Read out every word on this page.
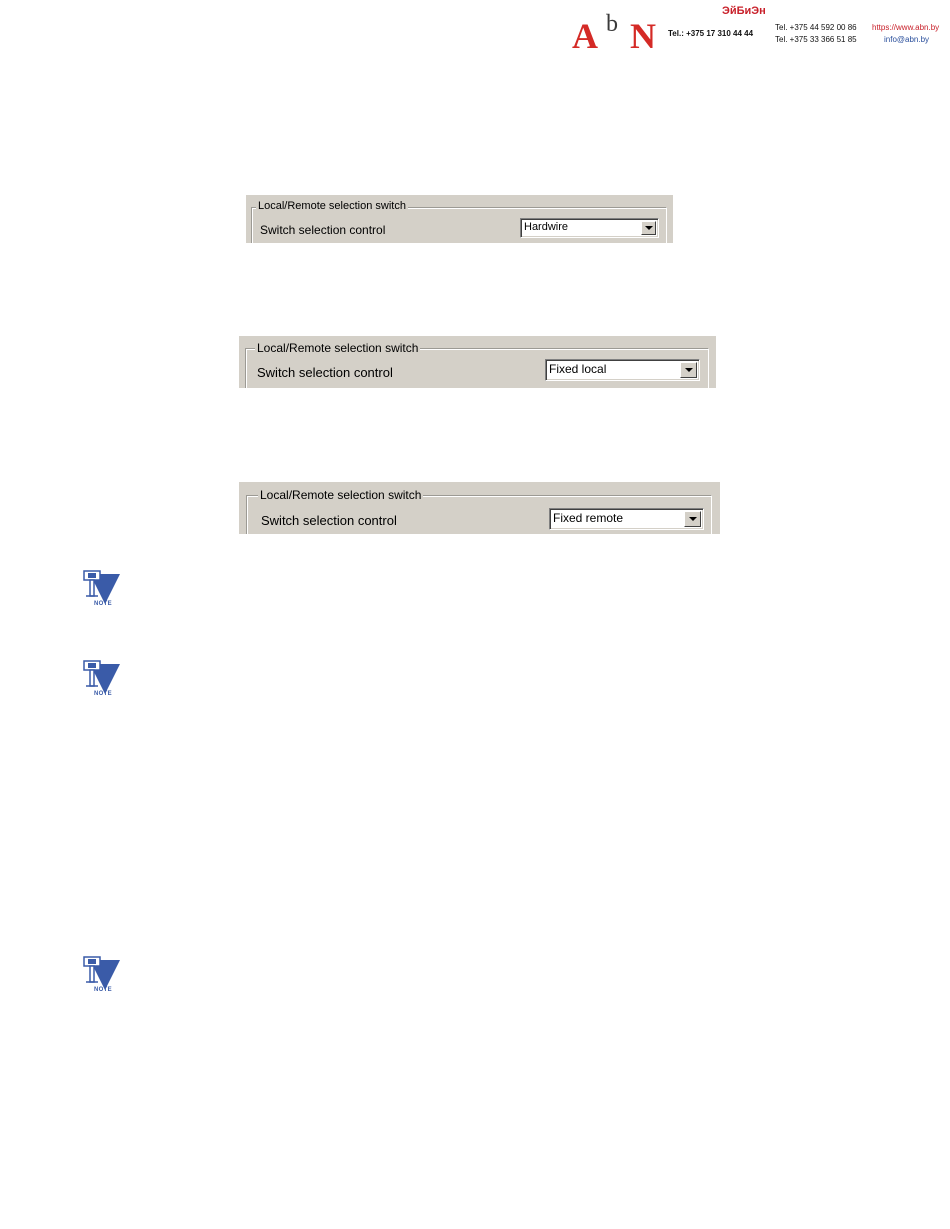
A b N
ЭйБиЭн
Tel.: +375 17 310 44 44
Tel. +375 44 592 00 86
Tel. +375 33 366 51 85
https://www.abn.by
info@abn.by
Local/Remote selection switch
Switch selection control	Hardwire
Local/Remote selection switch
Switch selection control	Fixed local
Local/Remote selection switch
Switch selection control	Fixed remote
NOTE
NOTE
NOTE
